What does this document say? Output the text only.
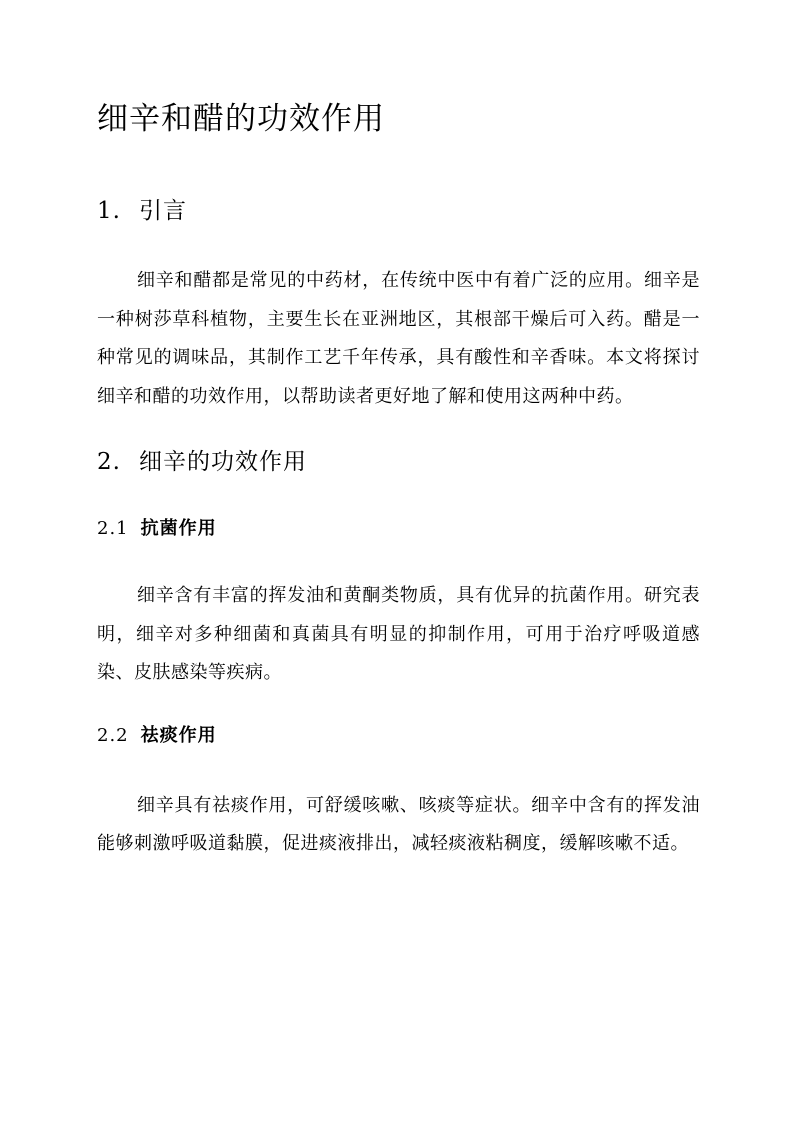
细辛和醋的功效作用
1. 引言

细辛和醋都是常见的中药材，在传统中医中有着广泛的应用。细辛是一种树莎草科植物，主要生长在亚洲地区，其根部干燥后可入药。醋是一种常见的调味品，其制作工艺千年传承，具有酸性和辛香味。本文将探讨细辛和醋的功效作用，以帮助读者更好地了解和使用这两种中药。

2. 细辛的功效作用
2.1 抗菌作用

细辛含有丰富的挥发油和黄酮类物质，具有优异的抗菌作用。研究表明，细辛对多种细菌和真菌具有明显的抑制作用，可用于治疗呼吸道感染、皮肤感染等疾病。

2.2 祛痰作用

细辛具有祛痰作用，可舒缓咳嗽、咳痰等症状。细辛中含有的挥发油能够刺激呼吸道黏膜，促进痰液排出，减轻痰液粘稠度，缓解咳嗽不适。
